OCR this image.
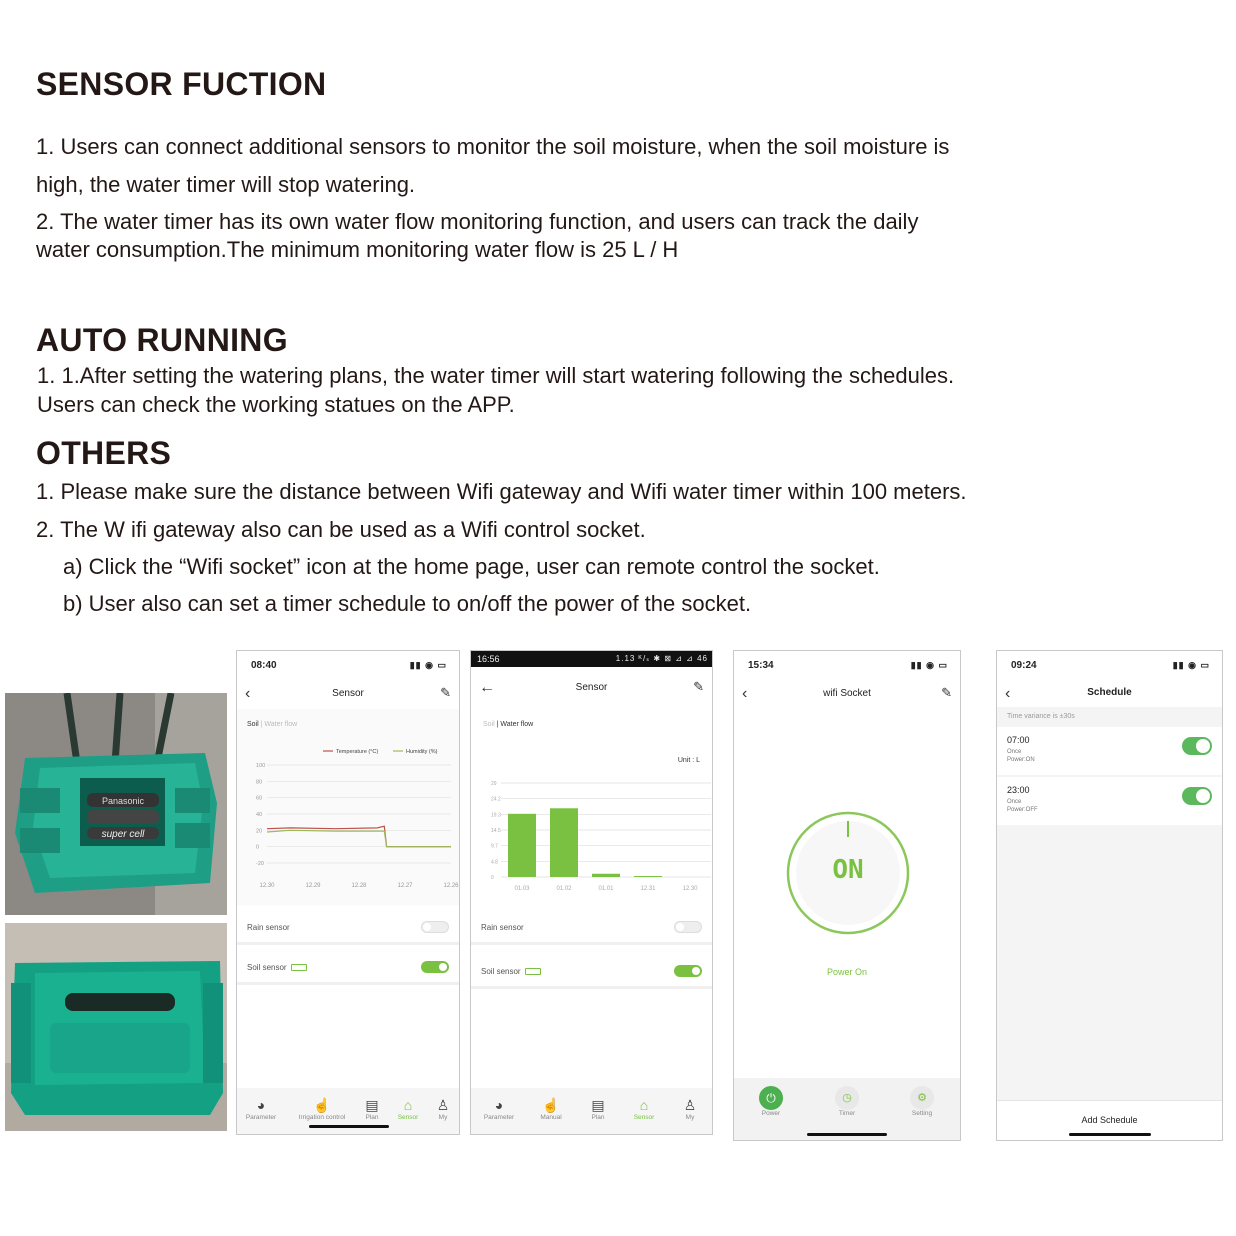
SENSOR FUCTION
1. Users can connect additional sensors to monitor the soil moisture, when the soil moisture is
high, the water timer will stop watering.
2. The water timer has its own water flow monitoring function, and users can track the daily
water consumption.The minimum monitoring water flow is 25 L / H
AUTO RUNNING
1. 1.After setting the watering plans, the water timer will start watering following the schedules.
Users can check the working statues on the APP.
OTHERS
1. Please make sure the distance between Wifi gateway and Wifi water timer within 100 meters.
2. The W ifi gateway also can be used as a Wifi control socket.
a) Click the “Wifi socket” icon at the home page, user can remote control the socket.
b) User also can set a timer schedule to on/off the power of the socket.
Panasonic
super cell
08:40	▮▮ ◉ ▭
‹	Sensor	✎
Soil | Water flow
Temperature (°C)	Humidity (%)
100
80
60
40
20
0
-20
12.30	12.29	12.28	12.27	12.26
Rain sensor
Soil sensor
◕
Parameter
☝
Irrigation control
▤
Plan
⌂
Sensor
♙
My
16:56	1.13 ᴷ/ₛ ✱ ⊠ ⊿ ⊿ 46
←	Sensor	✎
Soil | Water flow
Unit : L
29
24.2
19.3
14.5
9.7
4.8
0
01.03	01.02	01.01	12.31	12.30
Rain sensor
Soil sensor
◕
Parameter
☝
Manual
▤
Plan
⌂
Sensor
♙
My
15:34	▮▮ ◉ ▭
‹	wifi Socket	✎
ON
Power On
⏻
Power
◷
Timer
⚙
Setting
09:24	▮▮ ◉ ▭
‹	Schedule
Time variance is ±30s
07:00
Once
Power:ON
23:00
Once
Power:OFF
Add Schedule
